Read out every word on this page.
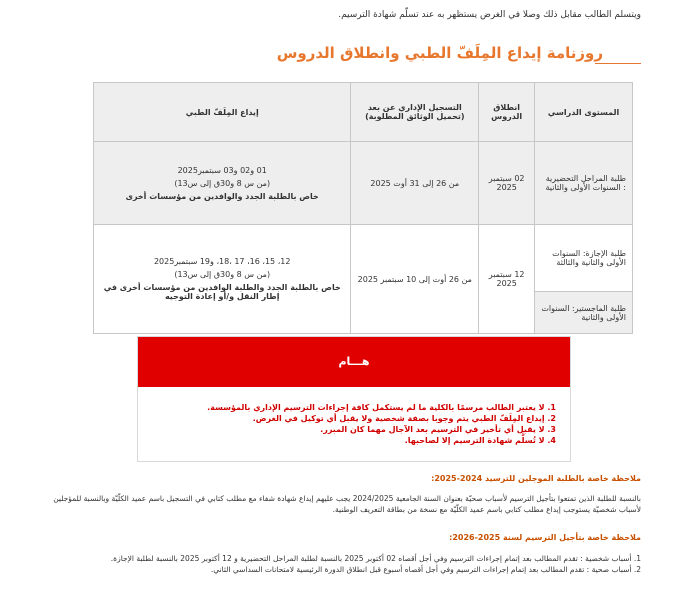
ويتسلم الطالب مقابل ذلك وصلا في الغرض يستظهر به عند تسلّم شهادة الترسيم.
روزنامة إيداع المِلَفّ الطبي وانطلاق الدروس
المستوى الدراسي	انطلاق الدروس	التسجيل الإداري عن بعد (تحميل الوثائق المطلوبة)	إيداع المِلَفّ الطبي
طلبة المراحل التحضيرية : السنوات الأولى والثانية	02 سبتمبر 2025	من 26 إلى 31 أوت 2025	01 و02 و03 سبتمبر2025
(من س 8 و30ق إلى س13)
خاص بالطلبة الجدد والوافدين من مؤسسات أخرى

طلبة الإجازة: السنوات الأولى والثانية والثالثة	12 سبتمبر 2025	من 26 أوت إلى 10 سبتمبر 2025	12، 15، 16، 17 ،18، و19 سبتمبر2025
(من س 8 و30ق إلى س13)
خاص بالطلبة الجدد والطلبة الوافدين من مؤسسات أخرى في إطار النقل و/أو إعادة التوجيه

طلبة الماجستير: السنوات الأولى والثانية			
هـــام
1. لا يعتبر الطالب مرسمًا بالكلية ما لم يستكمل كافة إجراءات الترسيم الإداري بالمؤسسة.
2. إيداع المِلَفّ الطبي يتم وجوبا بصفة شخصية ولا يقبل أي توكيل في الغرض.
3. لا يقبل أي تأخير في الترسيم بعد الآجال مهما كان المبرر.
4. لا تُسلَّم شهادة الترسيم إلا لصاحبها.
ملاحظة خاصة بالطلبة الموجلين للترسيد 2024-2025:
بالنسبة للطلبة الذين تمتعوا بتأجيل الترسيم لأسباب صحيّة بعنوان السنة الجامعية 2024/2025 يجب عليهم إيداع شهادة شفاء مع مطلب كتابي في التسجيل باسم عميد الكلّيّة وبالنسبة للمؤجلين لأسباب شخصيّة يستوجب إيداع مطلب كتابي باسم عميد الكلّيّة مع نسخة من بطاقة التعريف الوطنية.
ملاحظة خاصة بتأجيل الترسيم لسنة 2025-2026:
1. أسباب شخصية : تقدم المطالب بعد إتمام إجراءات الترسيم وفي أجل أقصاه 02 أكتوبر 2025 بالنسبة لطلبة المراحل التحضيرية و 12 أكتوبر 2025 بالنسبة لطلبة الإجازة.
2. أسباب صحية : تقدم المطالب بعد إتمام إجراءات الترسيم وفي أجل أقصاه أسبوع قبل انطلاق الدورة الرئيسية لامتحانات السداسي الثاني.
